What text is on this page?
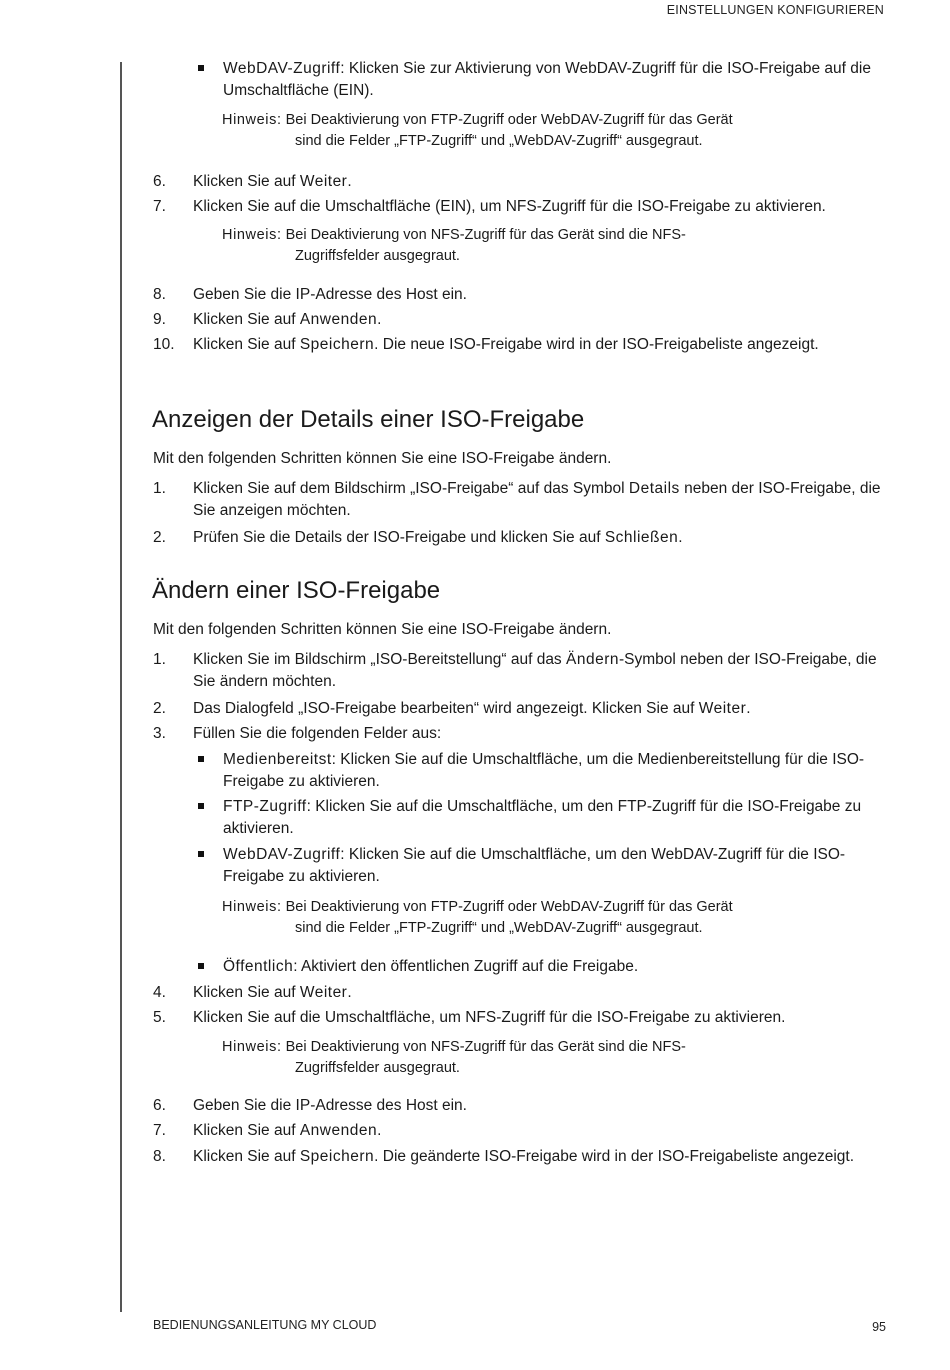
EINSTELLUNGEN KONFIGURIEREN
WebDAV-Zugriff: Klicken Sie zur Aktivierung von WebDAV-Zugriff für die ISO-Freigabe auf die Umschaltfläche (EIN).
Hinweis: Bei Deaktivierung von FTP-Zugriff oder WebDAV-Zugriff für das Gerät
sind die Felder „FTP-Zugriff“ und „WebDAV-Zugriff“ ausgegraut.
6. Klicken Sie auf Weiter.
7. Klicken Sie auf die Umschaltfläche (EIN), um NFS-Zugriff für die ISO-Freigabe zu aktivieren.
Hinweis: Bei Deaktivierung von NFS-Zugriff für das Gerät sind die NFS-
Zugriffsfelder ausgegraut.
8. Geben Sie die IP-Adresse des Host ein.
9. Klicken Sie auf Anwenden.
10. Klicken Sie auf Speichern. Die neue ISO-Freigabe wird in der ISO-Freigabeliste angezeigt.
Anzeigen der Details einer ISO-Freigabe
Mit den folgenden Schritten können Sie eine ISO-Freigabe ändern.
1. Klicken Sie auf dem Bildschirm „ISO-Freigabe“ auf das Symbol Details neben der ISO-Freigabe, die Sie anzeigen möchten.
2. Prüfen Sie die Details der ISO-Freigabe und klicken Sie auf Schließen.
Ändern einer ISO-Freigabe
Mit den folgenden Schritten können Sie eine ISO-Freigabe ändern.
1. Klicken Sie im Bildschirm „ISO-Bereitstellung“ auf das Ändern-Symbol neben der ISO-Freigabe, die Sie ändern möchten.
2. Das Dialogfeld „ISO-Freigabe bearbeiten“ wird angezeigt. Klicken Sie auf Weiter.
3. Füllen Sie die folgenden Felder aus:
Medienbereitst: Klicken Sie auf die Umschaltfläche, um die Medienbereitstellung für die ISO-Freigabe zu aktivieren.
FTP-Zugriff: Klicken Sie auf die Umschaltfläche, um den FTP-Zugriff für die ISO-Freigabe zu aktivieren.
WebDAV-Zugriff: Klicken Sie auf die Umschaltfläche, um den WebDAV-Zugriff für die ISO-Freigabe zu aktivieren.
Hinweis: Bei Deaktivierung von FTP-Zugriff oder WebDAV-Zugriff für das Gerät
sind die Felder „FTP-Zugriff“ und „WebDAV-Zugriff“ ausgegraut.
Öffentlich: Aktiviert den öffentlichen Zugriff auf die Freigabe.
4. Klicken Sie auf Weiter.
5. Klicken Sie auf die Umschaltfläche, um NFS-Zugriff für die ISO-Freigabe zu aktivieren.
Hinweis: Bei Deaktivierung von NFS-Zugriff für das Gerät sind die NFS-
Zugriffsfelder ausgegraut.
6. Geben Sie die IP-Adresse des Host ein.
7. Klicken Sie auf Anwenden.
8. Klicken Sie auf Speichern. Die geänderte ISO-Freigabe wird in der ISO-Freigabeliste angezeigt.
BEDIENUNGSANLEITUNG MY CLOUD	95
